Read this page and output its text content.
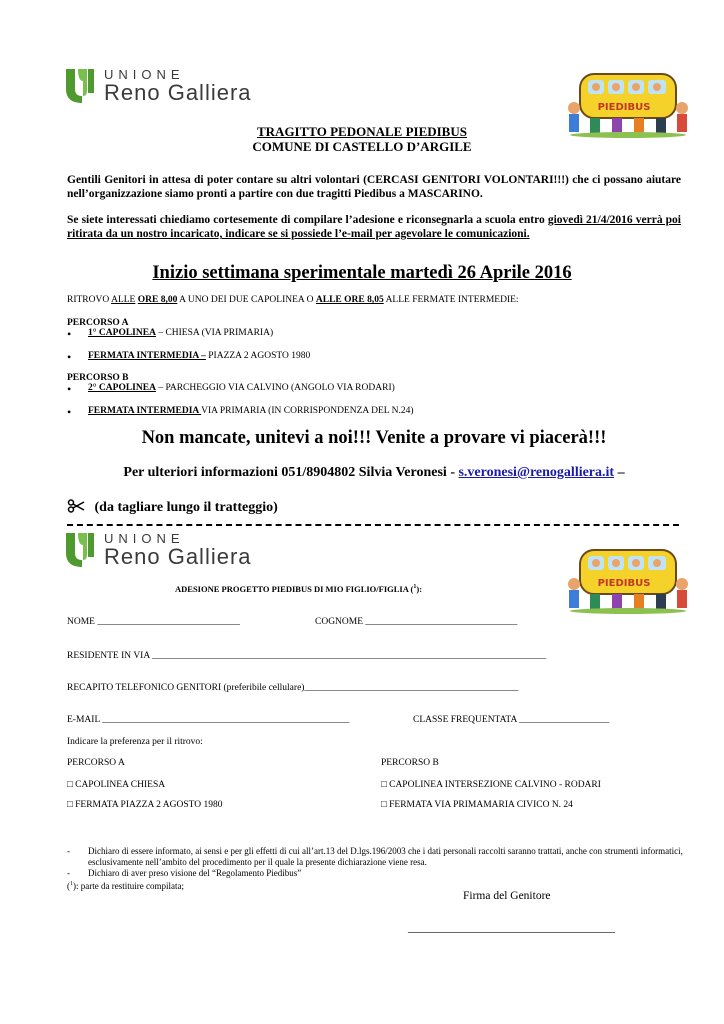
UNIONE
Reno Galliera
PIEDIBUS
TRAGITTO PEDONALE PIEDIBUS
COMUNE DI CASTELLO D’ARGILE
Gentili Genitori in attesa di poter contare su altri volontari (CERCASI GENITORI VOLONTARI!!!) che ci possano aiutare nell’organizzazione siamo pronti a partire con due tragitti Piedibus a MASCARINO.
Se siete interessati chiediamo cortesemente di compilare l’adesione e riconsegnarla a scuola entro giovedì 21/4/2016 verrà poi ritirata da un nostro incaricato, indicare se si possiede l’e-mail per agevolare le comunicazioni.
Inizio settimana sperimentale martedì 26 Aprile 2016
RITROVO ALLE ORE 8,00 A UNO DEI DUE CAPOLINEA O ALLE ORE 8,05 ALLE FERMATE INTERMEDIE:
PERCORSO A
• 1° CAPOLINEA – CHIESA (VIA PRIMARIA)
• FERMATA INTERMEDIA – PIAZZA 2 AGOSTO 1980
PERCORSO B
• 2° CAPOLINEA – PARCHEGGIO VIA CALVINO (ANGOLO VIA RODARI)
• FERMATA INTERMEDIA VIA PRIMARIA (IN CORRISPONDENZA DEL N.24)
Non mancate, unitevi a noi!!! Venite a provare vi piacerà!!!
Per ulteriori informazioni 051/8904802 Silvia Veronesi - s.veronesi@renogalliera.it –
(da tagliare lungo il tratteggio)
UNIONE
Reno Galliera
PIEDIBUS
ADESIONE PROGETTO PIEDIBUS DI MIO FIGLIO/FIGLIA ($^1$):
NOME ______________________________	COGNOME ________________________________
RESIDENTE IN VIA ___________________________________________________________________________________
RECAPITO TELEFONICO GENITORI (preferibile cellulare)_____________________________________________
E-MAIL ____________________________________________________	CLASSE FREQUENTATA ___________________
Indicare la preferenza per il ritrovo:
PERCORSO A	PERCORSO B
□ CAPOLINEA CHIESA	□ CAPOLINEA INTERSEZIONE CALVINO - RODARI
□ FERMATA PIAZZA 2 AGOSTO 1980	□ FERMATA VIA PRIMAMARIA CIVICO N. 24
- Dichiaro di essere informato, ai sensi e per gli effetti di cui all’art.13 del D.lgs.196/2003 che i dati personali raccolti saranno trattati, anche con strumenti informatici, esclusivamente nell’ambito del procedimento per il quale la presente dichiarazione viene resa.
- Dichiaro di aver preso visione del “Regolamento Piedibus”
($^1$): parte da restituire compilata;
Firma del Genitore
____________________________________
